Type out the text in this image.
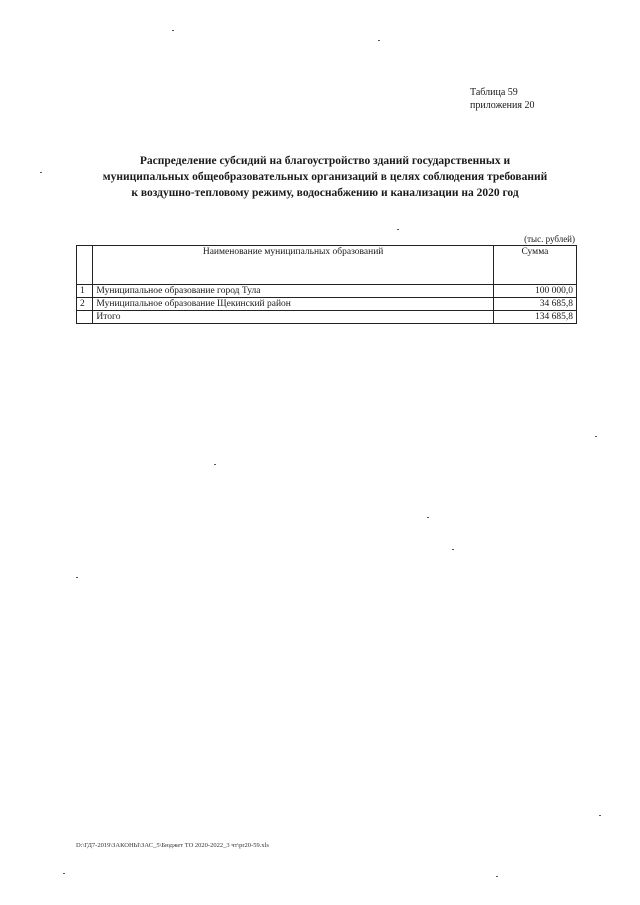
Таблица 59
приложения 20
Распределение субсидий на благоустройство зданий государственных и
муниципальных общеобразовательных организаций в целях соблюдения требований
к воздушно-тепловому режиму, водоснабжению и канализации на 2020 год
(тыс. рублей)
	Наименование муниципальных образований	Сумма
1	Муниципальное образование город Тула	100 000,0
2	Муниципальное образование Щекинский район	34 685,8
	Итого	134 685,8
D:\ГД7-2019\ЗАКОНЫ\ЗАС_5\Бюджет ТО 2020-2022_3 чт\pr20-59.xls
